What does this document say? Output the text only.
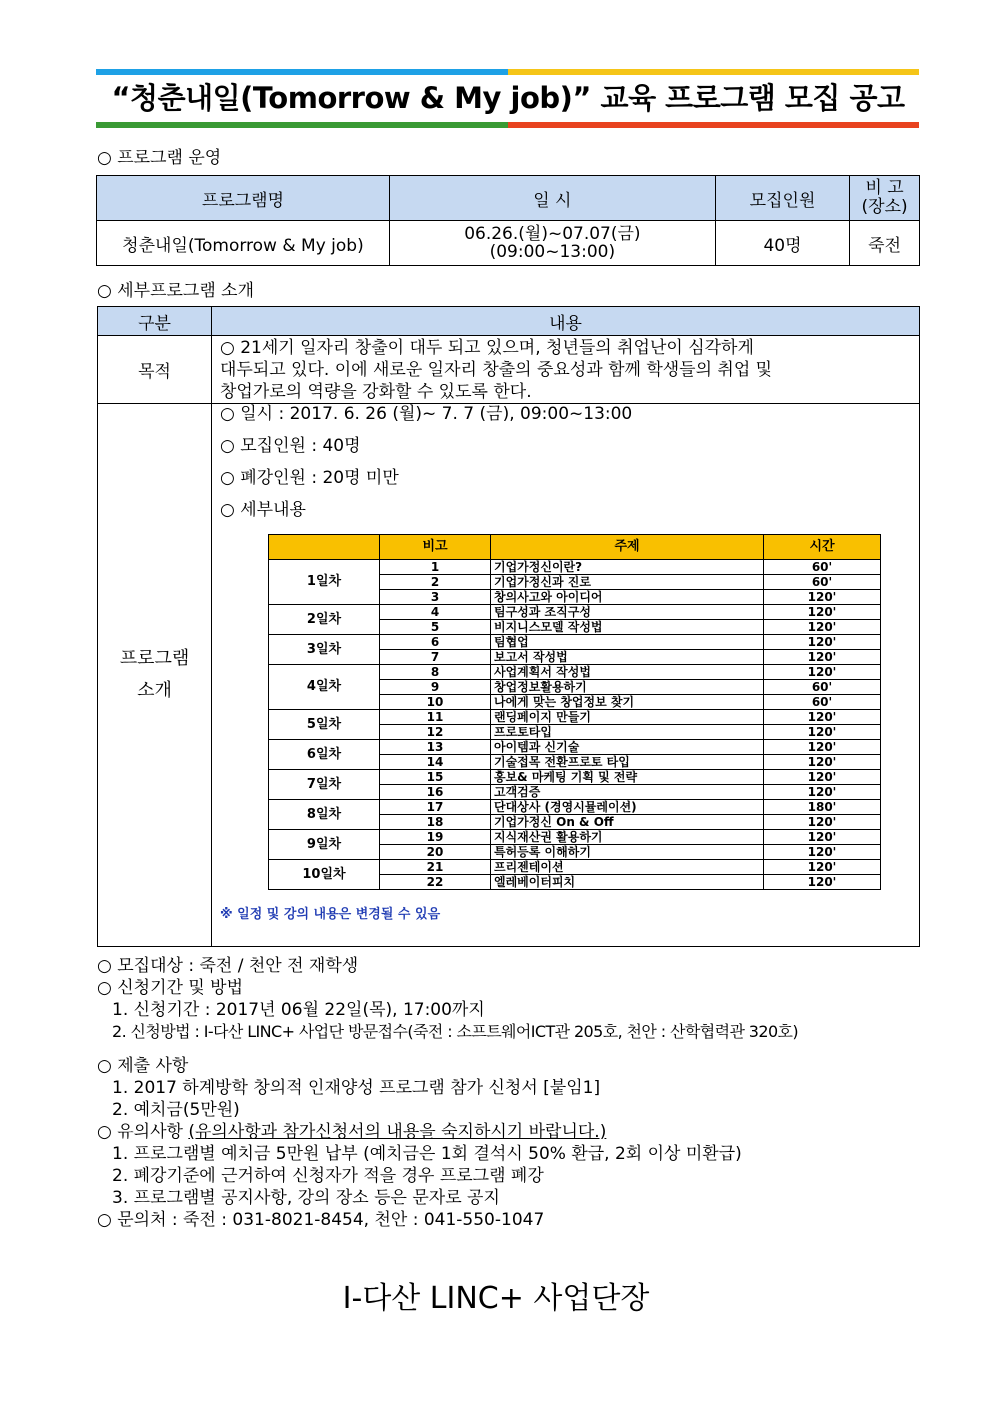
“청춘내일(Tomorrow & My job)” 교육 프로그램 모집 공고
○ 프로그램 운영
프로그램명	일 시	모집인원	비 고
(장소)

청춘내일(Tomorrow & My job)	06.26.(월)~07.07(금)
(09:00~13:00)	40명	죽전
○ 세부프로그램 소개
구분	내용
목적	
○ 21세기 일자리 창출이 대두 되고 있으며, 청년들의 취업난이 심각하게
대두되고 있다. 이에 새로운 일자리 창출의 중요성과 함께 학생들의 취업 및
창업가로의 역량을 강화할 수 있도록 한다.

프로그램
소개

○ 일시 : 2017. 6. 26 (월)~ 7. 7 (금), 09:00~13:00
○ 모집인원 : 40명
○ 폐강인원 : 20명 미만
○ 세부내용
	비고	주제	시간
1일차	1	기업가정신이란?	60'
2	기업가정신과 진로	60'
3	창의사고와 아이디어	120'
2일차	4	팀구성과 조직구성	120'
5	비지니스모델 작성법	120'
3일차	6	팀협업	120'
7	보고서 작성법	120'
4일차	8	사업계획서 작성법	120'
9	창업정보활용하기	60'
10	나에게 맞는 창업정보 찾기	60'
5일차	11	랜딩페이지 만들기	120'
12	프로토타입	120'
6일차	13	아이템과 신기술	120'
14	기술접목 전환프로토 타입	120'
7일차	15	홍보& 마케팅 기획 및 전략	120'
16	고객검증	120'
8일차	17	단대상사 (경영시뮬레이션)	180'
18	기업가정신 On & Off	120'
9일차	19	지식재산권 활용하기	120'
20	특허등록 이해하기	120'
10일차	21	프리젠테이션	120'
22	엘레베이터피치	120'
※ 일정 및 강의 내용은 변경될 수 있음
○ 모집대상 : 죽전 / 천안 전 재학생
○ 신청기간 및 방법
1. 신청기간 : 2017년 06월 22일(목), 17:00까지
2. 신청방법 : I-다산 LINC+ 사업단 방문접수(죽전 : 소프트웨어ICT관 205호, 천안 : 산학협력관 320호)
○ 제출 사항
1. 2017 하계방학 창의적 인재양성 프로그램 참가 신청서 [붙임1]
2. 예치금(5만원)
○ 유의사항 (유의사항과 참가신청서의 내용을 숙지하시기 바랍니다.)
1. 프로그램별 예치금 5만원 납부 (예치금은 1회 결석시 50% 환급, 2회 이상 미환급)
2. 폐강기준에 근거하여 신청자가 적을 경우 프로그램 폐강
3. 프로그램별 공지사항, 강의 장소 등은 문자로 공지
○ 문의처 : 죽전 : 031-8021-8454, 천안 : 041-550-1047
I-다산 LINC+ 사업단장
